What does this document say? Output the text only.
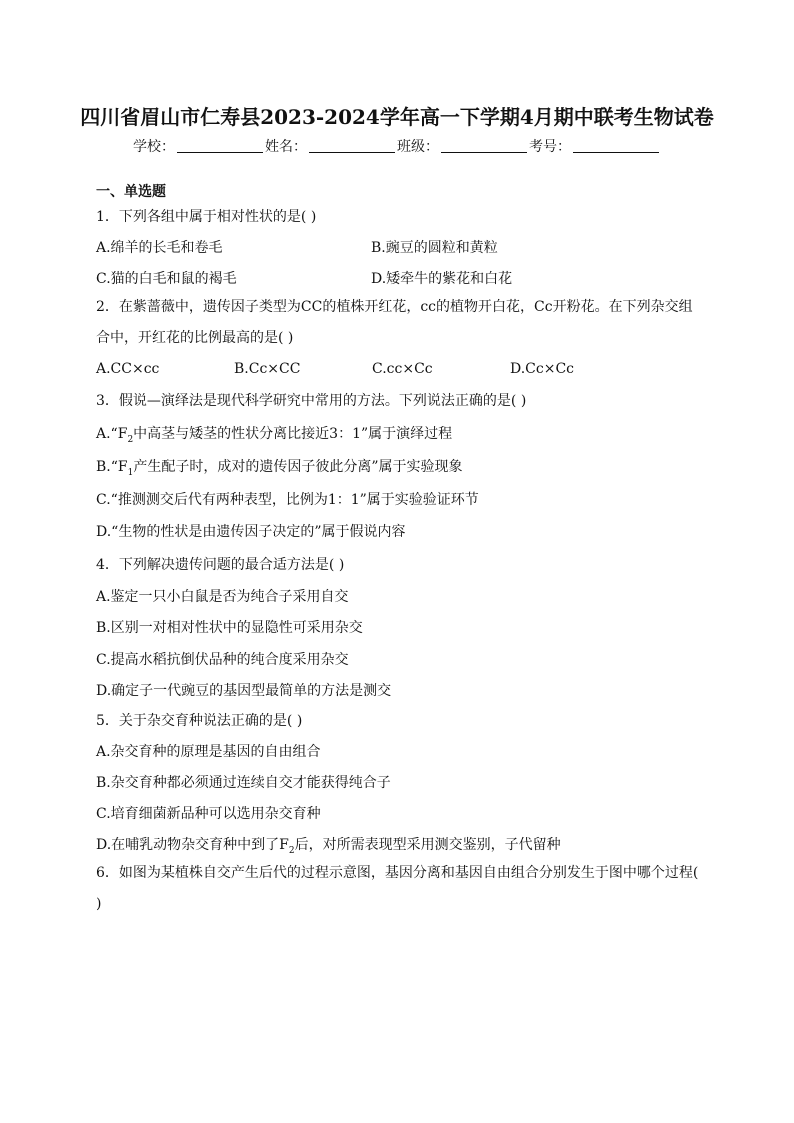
四川省眉山市仁寿县2023-2024学年高一下学期4月期中联考生物试卷
学校：	姓名：	班级：	考号：
一、单选题
1．下列各组中属于相对性状的是( )
A.绵羊的长毛和卷毛	B.豌豆的圆粒和黄粒
C.猫的白毛和鼠的褐毛	D.矮牵牛的紫花和白花
2．在紫蔷薇中，遗传因子类型为CC的植株开红花，cc的植物开白花，Cc开粉花。在下列杂交组合中，开红花的比例最高的是( )
A.CC×cc	B.Cc×CC	C.cc×Cc	D.Cc×Cc
3．假说—演绎法是现代科学研究中常用的方法。下列说法正确的是( )
$A.“F_2$中高茎与矮茎的性状分离比接近3：1”属于演绎过程
$B.“F_1$产生配子时，成对的遗传因子彼此分离”属于实验现象
C.“推测测交后代有两种表型，比例为1：1”属于实验验证环节
D.“生物的性状是由遗传因子决定的”属于假说内容
4．下列解决遗传问题的最合适方法是( )
A.鉴定一只小白鼠是否为纯合子采用自交
B.区别一对相对性状中的显隐性可采用杂交
C.提高水稻抗倒伏品种的纯合度采用杂交
D.确定子一代豌豆的基因型最简单的方法是测交
5．关于杂交育种说法正确的是( )
A.杂交育种的原理是基因的自由组合
B.杂交育种都必须通过连续自交才能获得纯合子
C.培育细菌新品种可以选用杂交育种
D.在哺乳动物杂交育种中到了$F_2$后，对所需表现型采用测交鉴别，子代留种
6．如图为某植株自交产生后代的过程示意图，基因分离和基因自由组合分别发生于图中哪个过程( )
